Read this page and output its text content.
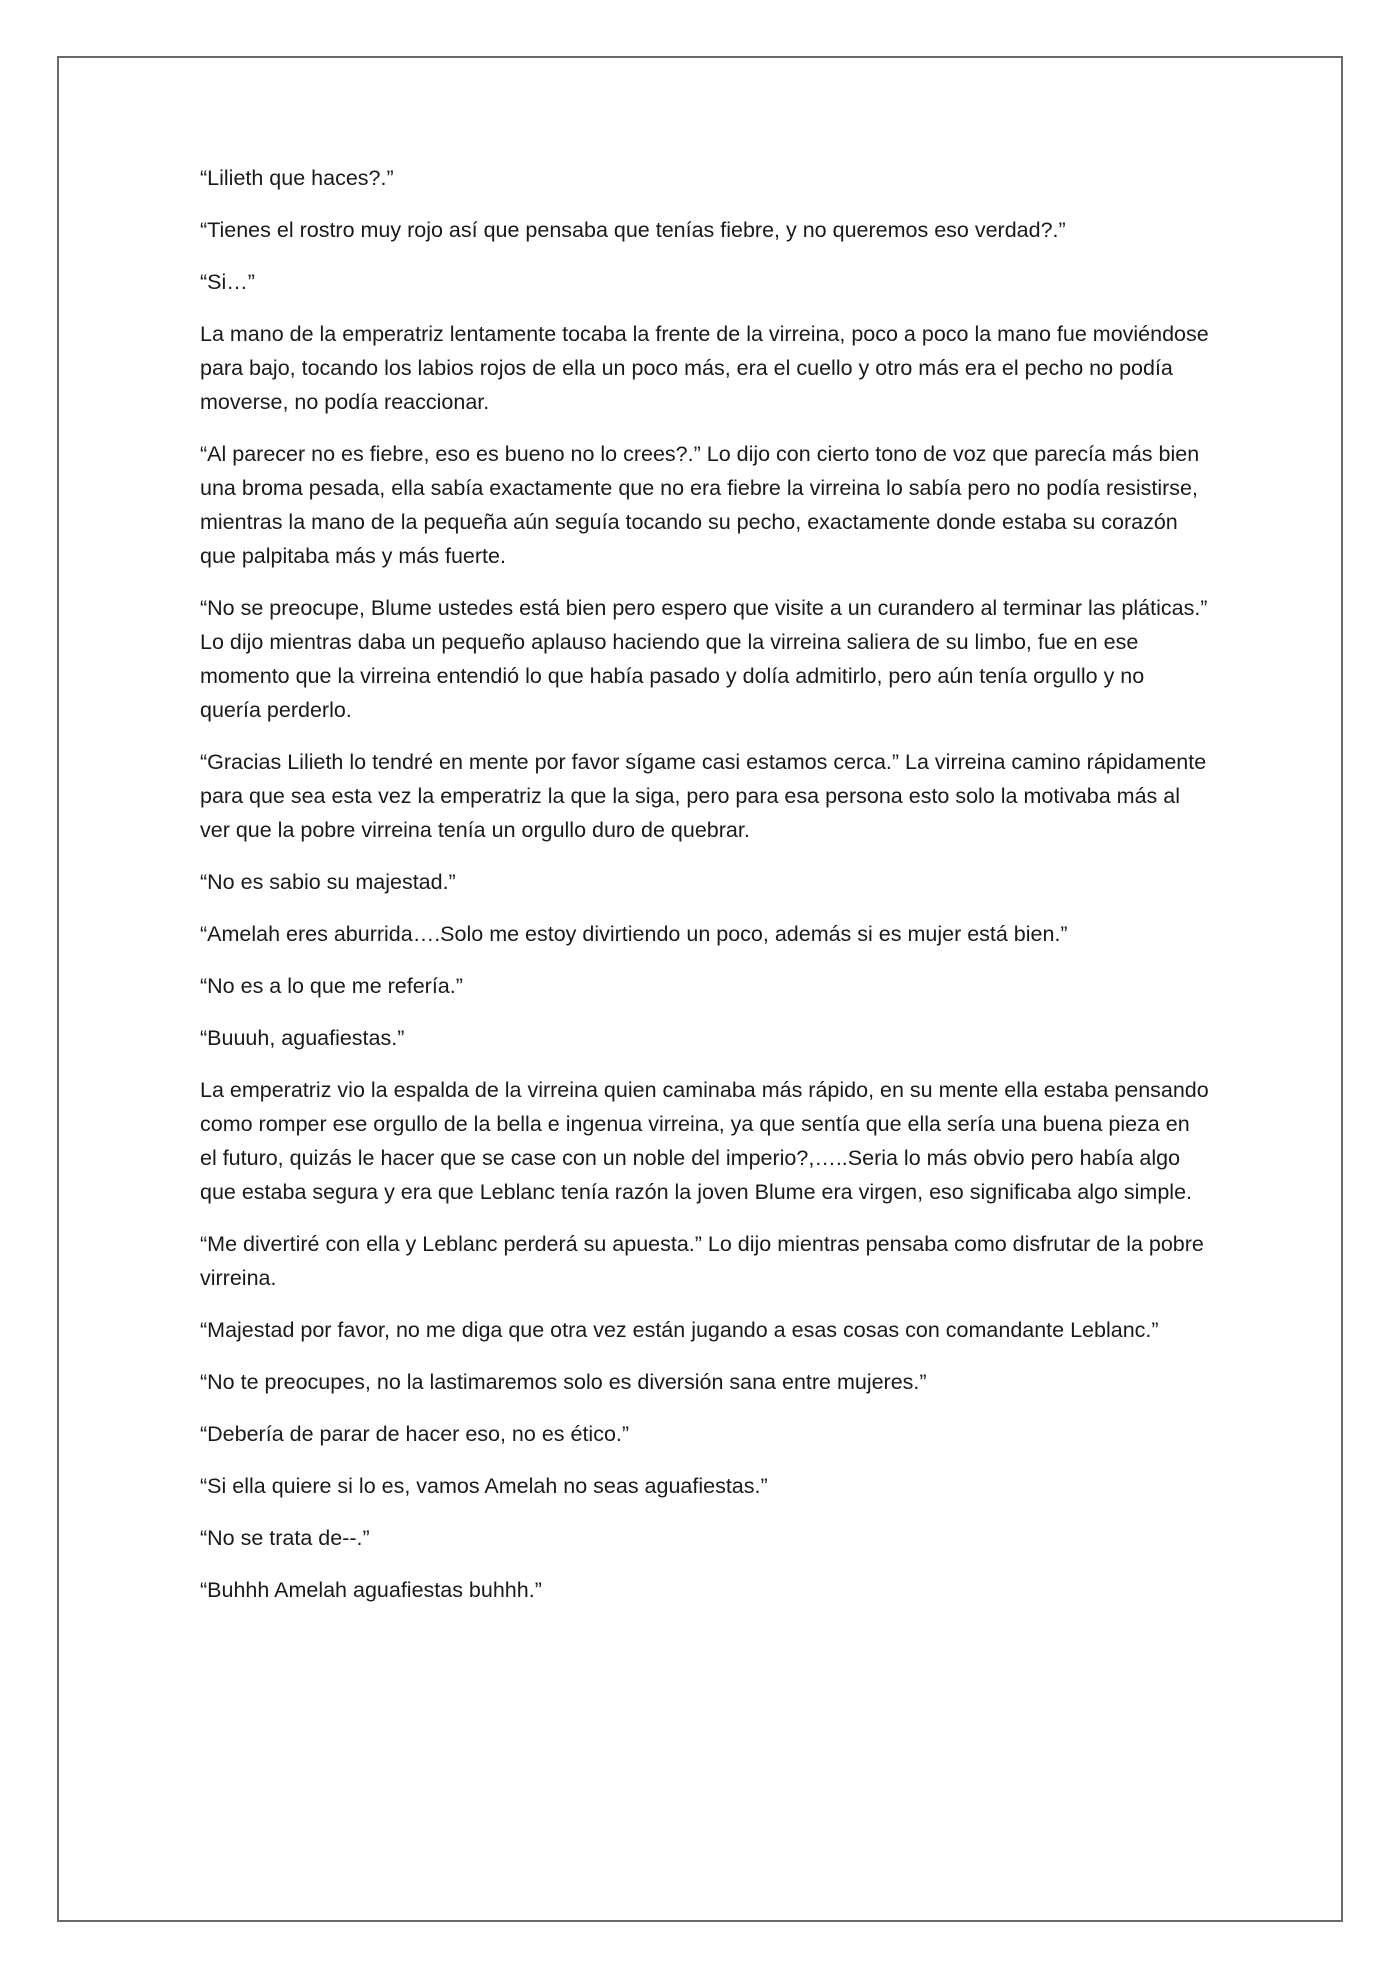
“Lilieth que haces?.”

“Tienes el rostro muy rojo así que pensaba que tenías fiebre, y no queremos eso verdad?.”

“Si…”

La mano de la emperatriz lentamente tocaba la frente de la virreina, poco a poco la mano fue moviéndose para bajo, tocando los labios rojos de ella un poco más, era el cuello y otro más era el pecho no podía moverse, no podía reaccionar.

“Al parecer no es fiebre, eso es bueno no lo crees?.” Lo dijo con cierto tono de voz que parecía más bien una broma pesada, ella sabía exactamente que no era fiebre la virreina lo sabía pero no podía resistirse, mientras la mano de la pequeña aún seguía tocando su pecho, exactamente donde estaba su corazón que palpitaba más y más fuerte.

“No se preocupe, Blume ustedes está bien pero espero que visite a un curandero al terminar las pláticas.” Lo dijo mientras daba un pequeño aplauso haciendo que la virreina saliera de su limbo, fue en ese momento que la virreina entendió lo que había pasado y dolía admitirlo, pero aún tenía orgullo y no quería perderlo.

“Gracias Lilieth lo tendré en mente por favor sígame casi estamos cerca.” La virreina camino rápidamente para que sea esta vez la emperatriz la que la siga, pero para esa persona esto solo la motivaba más al ver que la pobre virreina tenía un orgullo duro de quebrar.

“No es sabio su majestad.”

“Amelah eres aburrida….Solo me estoy divirtiendo un poco, además si es mujer está bien.”

“No es a lo que me refería.”

“Buuuh, aguafiestas.”

La emperatriz vio la espalda de la virreina quien caminaba más rápido, en su mente ella estaba pensando como romper ese orgullo de la bella e ingenua virreina, ya que sentía que ella sería una buena pieza en el futuro, quizás le hacer que se case con un noble del imperio?,…..Seria lo más obvio pero había algo que estaba segura y era que Leblanc tenía razón la joven Blume era virgen, eso significaba algo simple.

“Me divertiré con ella y Leblanc perderá su apuesta.” Lo dijo mientras pensaba como disfrutar de la pobre virreina.

“Majestad por favor, no me diga que otra vez están jugando a esas cosas con comandante Leblanc.”

“No te preocupes, no la lastimaremos solo es diversión sana entre mujeres.”

“Debería de parar de hacer eso, no es ético.”

“Si ella quiere si lo es, vamos Amelah no seas aguafiestas.”

“No se trata de--.”

“Buhhh Amelah aguafiestas buhhh.”
